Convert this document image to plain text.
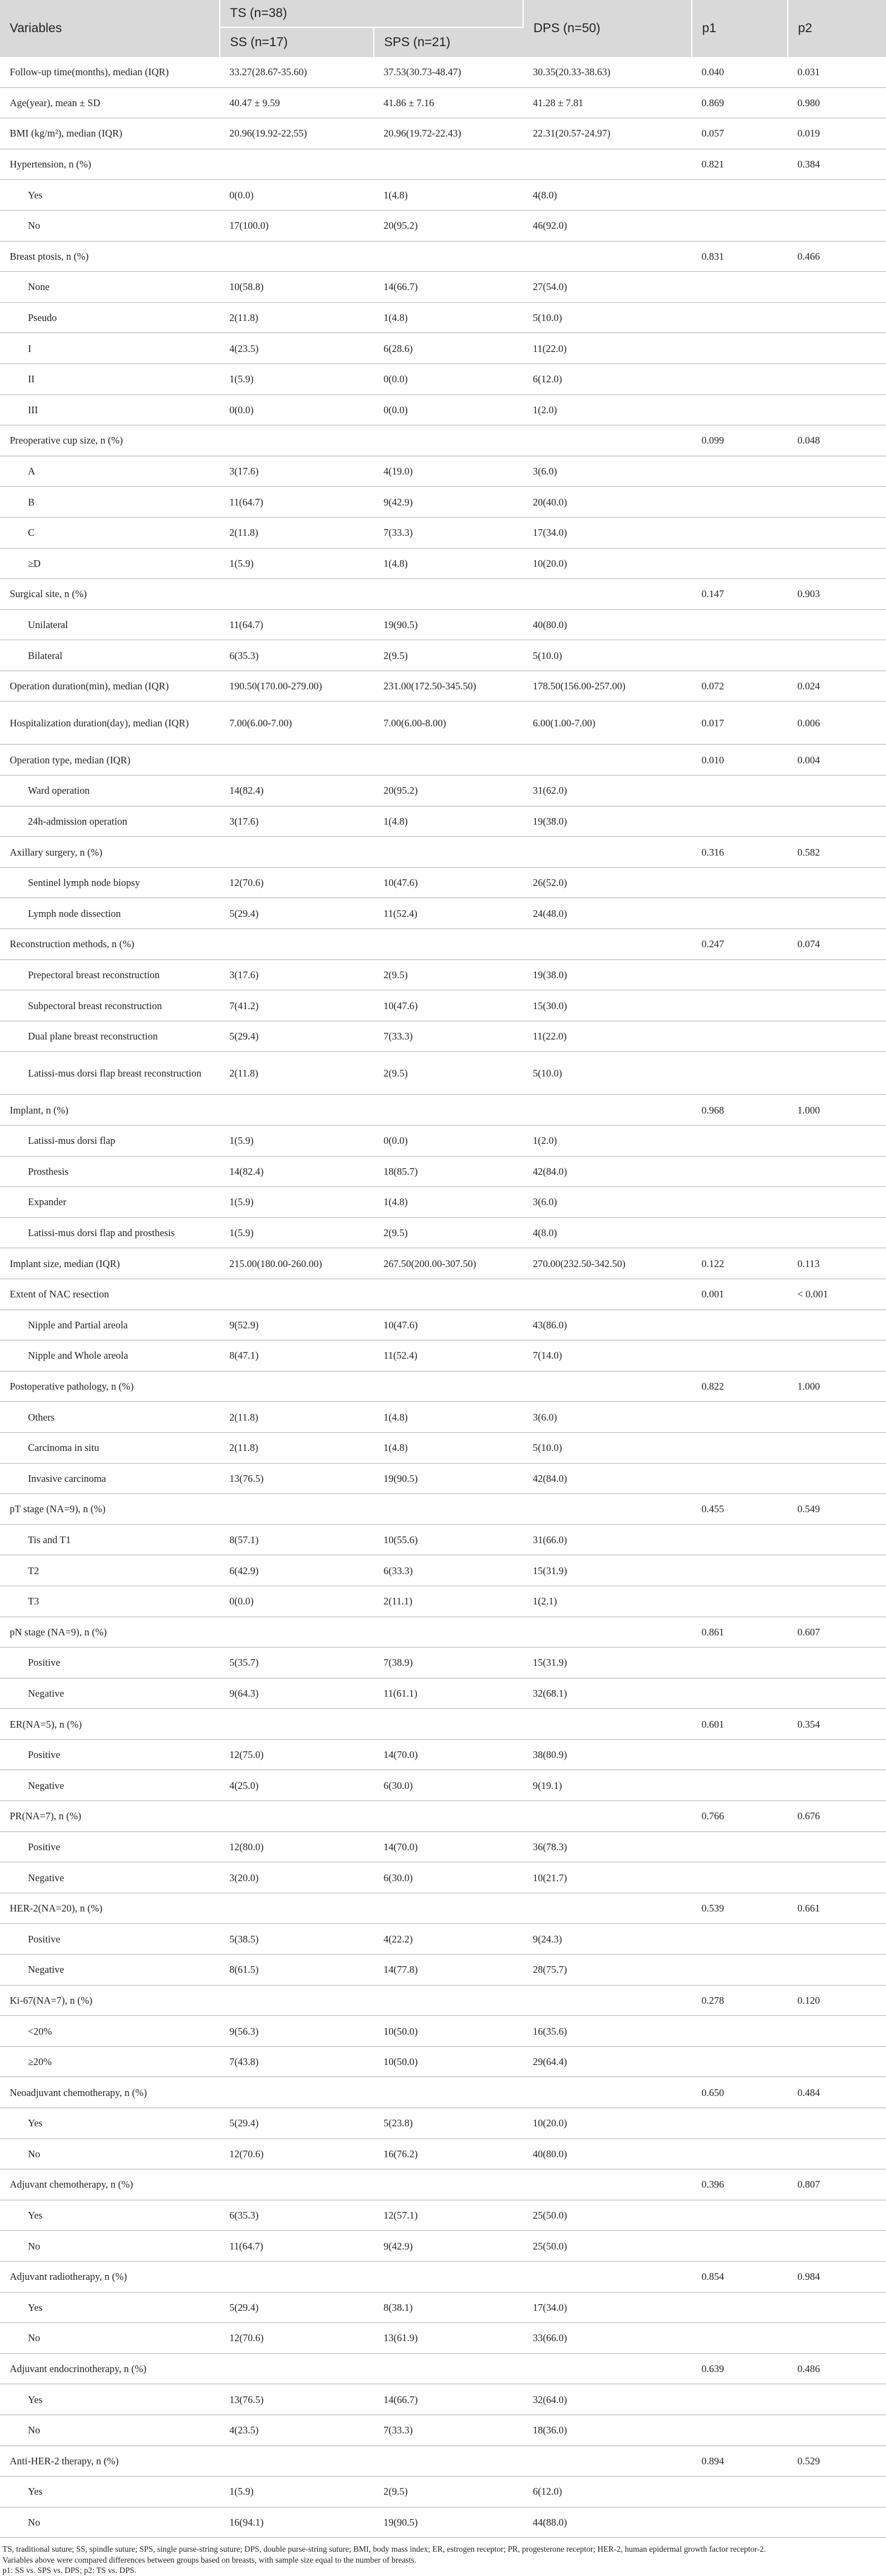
Variables	TS (n=38)		DPS (n=50)	p1	p2
	SS (n=17)	SPS (n=21)			
Follow-up time(months), median (IQR)	33.27(28.67-35.60)	37.53(30.73-48.47)	30.35(20.33-38.63)	0.040	0.031
Age(year), mean ± SD	40.47 ± 9.59	41.86 ± 7.16	41.28 ± 7.81	0.869	0.980
BMI (kg/m²), median (IQR)	20.96(19.92-22.55)	20.96(19.72-22.43)	22.31(20.57-24.97)	0.057	0.019
Hypertension, n (%)				0.821	0.384
Yes	0(0.0)	1(4.8)	4(8.0)		
No	17(100.0)	20(95.2)	46(92.0)		
Breast ptosis, n (%)				0.831	0.466
None	10(58.8)	14(66.7)	27(54.0)		
Pseudo	2(11.8)	1(4.8)	5(10.0)		
I	4(23.5)	6(28.6)	11(22.0)		
II	1(5.9)	0(0.0)	6(12.0)		
III	0(0.0)	0(0.0)	1(2.0)		
Preoperative cup size, n (%)				0.099	0.048
A	3(17.6)	4(19.0)	3(6.0)		
B	11(64.7)	9(42.9)	20(40.0)		
C	2(11.8)	7(33.3)	17(34.0)		
≥D	1(5.9)	1(4.8)	10(20.0)		
Surgical site, n (%)				0.147	0.903
Unilateral	11(64.7)	19(90.5)	40(80.0)		
Bilateral	6(35.3)	2(9.5)	5(10.0)		
Operation duration(min), median (IQR)	190.50(170.00-279.00)	231.00(172.50-345.50)	178.50(156.00-257.00)	0.072	0.024
Hospitalization duration(day), median (IQR)	7.00(6.00-7.00)	7.00(6.00-8.00)	6.00(1.00-7.00)	0.017	0.006
Operation type, median (IQR)				0.010	0.004
Ward operation	14(82.4)	20(95.2)	31(62.0)		
24h-admission operation	3(17.6)	1(4.8)	19(38.0)		
Axillary surgery, n (%)				0.316	0.582
Sentinel lymph node biopsy	12(70.6)	10(47.6)	26(52.0)		
Lymph node dissection	5(29.4)	11(52.4)	24(48.0)		
Reconstruction methods, n (%)				0.247	0.074
Prepectoral breast reconstruction	3(17.6)	2(9.5)	19(38.0)		
Subpectoral breast reconstruction	7(41.2)	10(47.6)	15(30.0)		
Dual plane breast reconstruction	5(29.4)	7(33.3)	11(22.0)		
Latissi-mus dorsi flap breast reconstruction	2(11.8)	2(9.5)	5(10.0)		
Implant, n (%)				0.968	1.000
Latissi-mus dorsi flap	1(5.9)	0(0.0)	1(2.0)		
Prosthesis	14(82.4)	18(85.7)	42(84.0)		
Expander	1(5.9)	1(4.8)	3(6.0)		
Latissi-mus dorsi flap and prosthesis	1(5.9)	2(9.5)	4(8.0)		
Implant size, median (IQR)	215.00(180.00-260.00)	267.50(200.00-307.50)	270.00(232.50-342.50)	0.122	0.113
Extent of NAC resection				0.001	< 0.001
Nipple and Partial areola	9(52.9)	10(47.6)	43(86.0)		
Nipple and Whole areola	8(47.1)	11(52.4)	7(14.0)		
Postoperative pathology, n (%)				0.822	1.000
Others	2(11.8)	1(4.8)	3(6.0)		
Carcinoma in situ	2(11.8)	1(4.8)	5(10.0)		
Invasive carcinoma	13(76.5)	19(90.5)	42(84.0)		
pT stage (NA=9), n (%)				0.455	0.549
Tis and T1	8(57.1)	10(55.6)	31(66.0)		
T2	6(42.9)	6(33.3)	15(31.9)		
T3	0(0.0)	2(11.1)	1(2.1)		
pN stage (NA=9), n (%)				0.861	0.607
Positive	5(35.7)	7(38.9)	15(31.9)		
Negative	9(64.3)	11(61.1)	32(68.1)		
ER(NA=5), n (%)				0.601	0.354
Positive	12(75.0)	14(70.0)	38(80.9)		
Negative	4(25.0)	6(30.0)	9(19.1)		
PR(NA=7), n (%)				0.766	0.676
Positive	12(80.0)	14(70.0)	36(78.3)		
Negative	3(20.0)	6(30.0)	10(21.7)		
HER-2(NA=20), n (%)				0.539	0.661
Positive	5(38.5)	4(22.2)	9(24.3)		
Negative	8(61.5)	14(77.8)	28(75.7)		
Ki-67(NA=7), n (%)				0.278	0.120
<20%	9(56.3)	10(50.0)	16(35.6)		
≥20%	7(43.8)	10(50.0)	29(64.4)		
Neoadjuvant chemotherapy, n (%)				0.650	0.484
Yes	5(29.4)	5(23.8)	10(20.0)		
No	12(70.6)	16(76.2)	40(80.0)		
Adjuvant chemotherapy, n (%)				0.396	0.807
Yes	6(35.3)	12(57.1)	25(50.0)		
No	11(64.7)	9(42.9)	25(50.0)		
Adjuvant radiotherapy, n (%)				0.854	0.984
Yes	5(29.4)	8(38.1)	17(34.0)		
No	12(70.6)	13(61.9)	33(66.0)		
Adjuvant endocrinotherapy, n (%)				0.639	0.486
Yes	13(76.5)	14(66.7)	32(64.0)		
No	4(23.5)	7(33.3)	18(36.0)		
Anti-HER-2 therapy, n (%)				0.894	0.529
Yes	1(5.9)	2(9.5)	6(12.0)		
No	16(94.1)	19(90.5)	44(88.0)		
TS, traditional suture; SS, spindle suture; SPS, single purse-string suture; DPS, double purse-string suture; BMI, body mass index; ER, estrogen receptor; PR, progesterone receptor; HER-2, human epidermal growth factor receptor-2.
Variables above were compared differences between groups based on breasts, with sample size equal to the number of breasts.
p1: SS vs. SPS vs. DPS; p2: TS vs. DPS.
